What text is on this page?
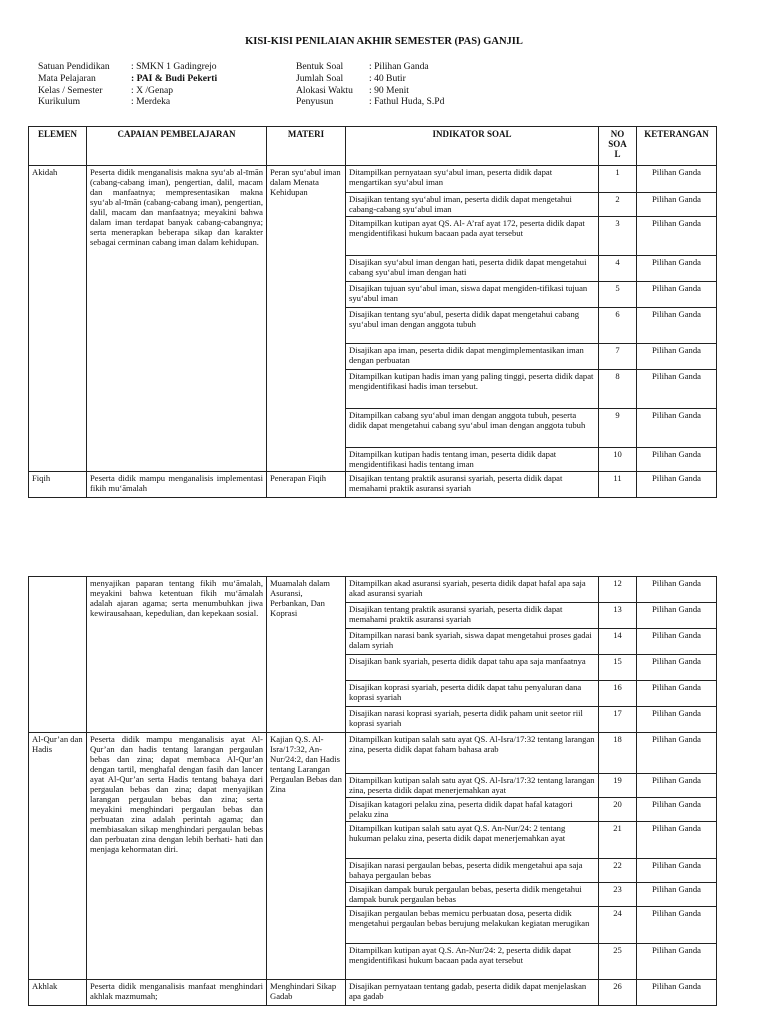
KISI-KISI PENILAIAN AKHIR SEMESTER (PAS) GANJIL
Satuan Pendidikan	: SMKN 1 Gadingrejo
Mata Pelajaran	: PAI & Budi Pekerti
Kelas / Semester	: X /Genap
Kurikulum	: Merdeka
Bentuk Soal	: Pilihan Ganda
Jumlah Soal	: 40 Butir
Alokasi Waktu	: 90 Menit
Penyusun	: Fathul Huda, S.Pd
ELEMEN	CAPAIAN PEMBELAJARAN	MATERI	INDIKATOR SOAL	NO SOA L	KETERANGAN
Akidah	Peserta didik menganalisis makna syu‘ab al-īmān (cabang-cabang iman), pengertian, dalil, macam dan manfaatnya; mempresentasikan makna syu‘ab al-īmān (cabang-cabang iman), pengertian, dalil, macam dan manfaatnya; meyakini bahwa dalam iman terdapat banyak cabang-cabangnya; serta menerapkan beberapa sikap dan karakter sebagai cerminan cabang iman dalam kehidupan.	Peran syu‘abul iman dalam Menata Kehidupan	Ditampilkan pernyataan syu‘abul iman, peserta didik dapat mengartikan syu‘abul iman	1	Pilihan Ganda
			Disajikan tentang syu‘abul iman, peserta didik dapat mengetahui cabang-cabang syu‘abul iman	2	Pilihan Ganda
			Ditampilkan kutipan ayat QS. Al- A’raf ayat 172, peserta didik dapat mengidentifikasi hukum bacaan pada ayat tersebut	3	Pilihan Ganda
			Disajikan syu‘abul iman dengan hati, peserta didik dapat mengetahui cabang syu‘abul iman dengan hati	4	Pilihan Ganda
			Disajikan tujuan syu‘abul iman, siswa dapat mengiden-tifikasi tujuan syu‘abul iman	5	Pilihan Ganda
			Disajikan tentang syu‘abul, peserta didik dapat mengetahui cabang syu‘abul iman dengan anggota tubuh	6	Pilihan Ganda
			Disajikan apa iman, peserta didik dapat mengimplementasikan iman dengan perbuatan	7	Pilihan Ganda
			Ditampilkan kutipan hadis iman yang paling tinggi, peserta didik dapat mengidentifikasi hadis iman tersebut.	8	Pilihan Ganda
			Ditampilkan cabang syu‘abul iman dengan anggota tubuh, peserta didik dapat mengetahui cabang syu‘abul iman dengan anggota tubuh	9	Pilihan Ganda
			Ditampilkan kutipan hadis tentang iman, peserta didik dapat mengidentifikasi hadis tentang iman	10	Pilihan Ganda
Fiqih	Peserta didik mampu menganalisis implementasi fikih mu‘āmalah	Penerapan Fiqih	Disajikan tentang praktik asuransi syariah, peserta didik dapat memahami praktik asuransi syariah	11	Pilihan Ganda
	menyajikan paparan tentang fikih mu‘āmalah, meyakini bahwa ketentuan fikih mu‘āmalah adalah ajaran agama; serta menumbuhkan jiwa kewirausahaan, kepedulian, dan kepekaan sosial.	Muamalah dalam Asuransi, Perbankan, Dan Koprasi	Ditampilkan akad asuransi syariah, peserta didik dapat hafal apa saja akad asuransi syariah	12	Pilihan Ganda
			Disajikan tentang praktik asuransi syariah, peserta didik dapat memahami praktik asuransi syariah	13	Pilihan Ganda
			Ditampilkan narasi bank syariah, siswa dapat mengetahui proses gadai dalam syriah	14	Pilihan Ganda
			Disajikan bank syariah, peserta didik dapat tahu apa saja manfaatnya	15	Pilihan Ganda
			Disajikan kopras‌i syariah, peserta didik dapat tahu penyaluran dana koprasi syariah	16	Pilihan Ganda
			Disajikan narasi koprasi syariah, peserta didik paham unit seetor riil koprasi syariah	17	Pilihan Ganda
Al-Qur’an dan Hadis	Peserta didik mampu menganalisis ayat Al-Qur’an dan hadis tentang larangan pergaulan bebas dan zina; dapat membaca Al-Qur’an dengan tartil, menghafal dengan fasih dan lancer ayat Al-Qur’an serta Hadis tentang bahaya dari pergaulan bebas dan zina; dapat menyajikan larangan pergaulan bebas dan zina; serta meyakini menghindari pergaulan bebas dan perbuatan zina adalah perintah agama; dan membiasakan sikap menghindari pergaulan bebas dan perbuatan zina dengan lebih berhati- hati dan menjaga kehormatan diri.	Kajian Q.S. Al-Isra/17:32, An-Nur/24:2, dan Hadis tentang Larangan Pergaulan Bebas dan Zina	Ditampilkan kutipan salah satu ayat QS. Al-Isra/17:32 tentang larangan zina, peserta didik dapat faham bahasa arab	18	Pilihan Ganda
			Ditampilkan kutipan salah satu ayat QS. Al-Isra/17:32 tentang larangan zina, peserta didik dapat menerjemahkan ayat	19	Pilihan Ganda
			Disajikan katagori pelaku zina, peserta didik dapat hafal katagori pelaku zina	20	Pilihan Ganda
			Ditampilkan kutipan salah satu ayat Q.S. An-Nur/24: 2 tentang hukuman pelaku zina, peserta didik dapat menerjemahkan ayat	21	Pilihan Ganda
			Disajikan narasi pergaulan bebas, peserta didik mengetahui apa saja bahaya pergaulan bebas	22	Pilihan Ganda
			Disajikan dampak buruk pergaulan bebas, peserta didik mengetahui dampak buruk pergaulan bebas	23	Pilihan Ganda
			Disajikan pergaulan bebas memicu perbuatan dosa, peserta didik mengetahui pergaulan bebas berujung melakukan kegiatan merugikan	24	Pilihan Ganda
			Ditampilkan kutipan ayat Q.S. An-Nur/24: 2, peserta didik dapat mengidentifikasi hukum bacaan pada ayat tersebut	25	Pilihan Ganda
Akhlak	Peserta didik menganalisis manfaat menghindari akhlak mazmumah;	Menghindari Sikap Gadab	Disajikan pernyataan tentang gadab, peserta didik dapat menjelaskan apa gadab	26	Pilihan Ganda
